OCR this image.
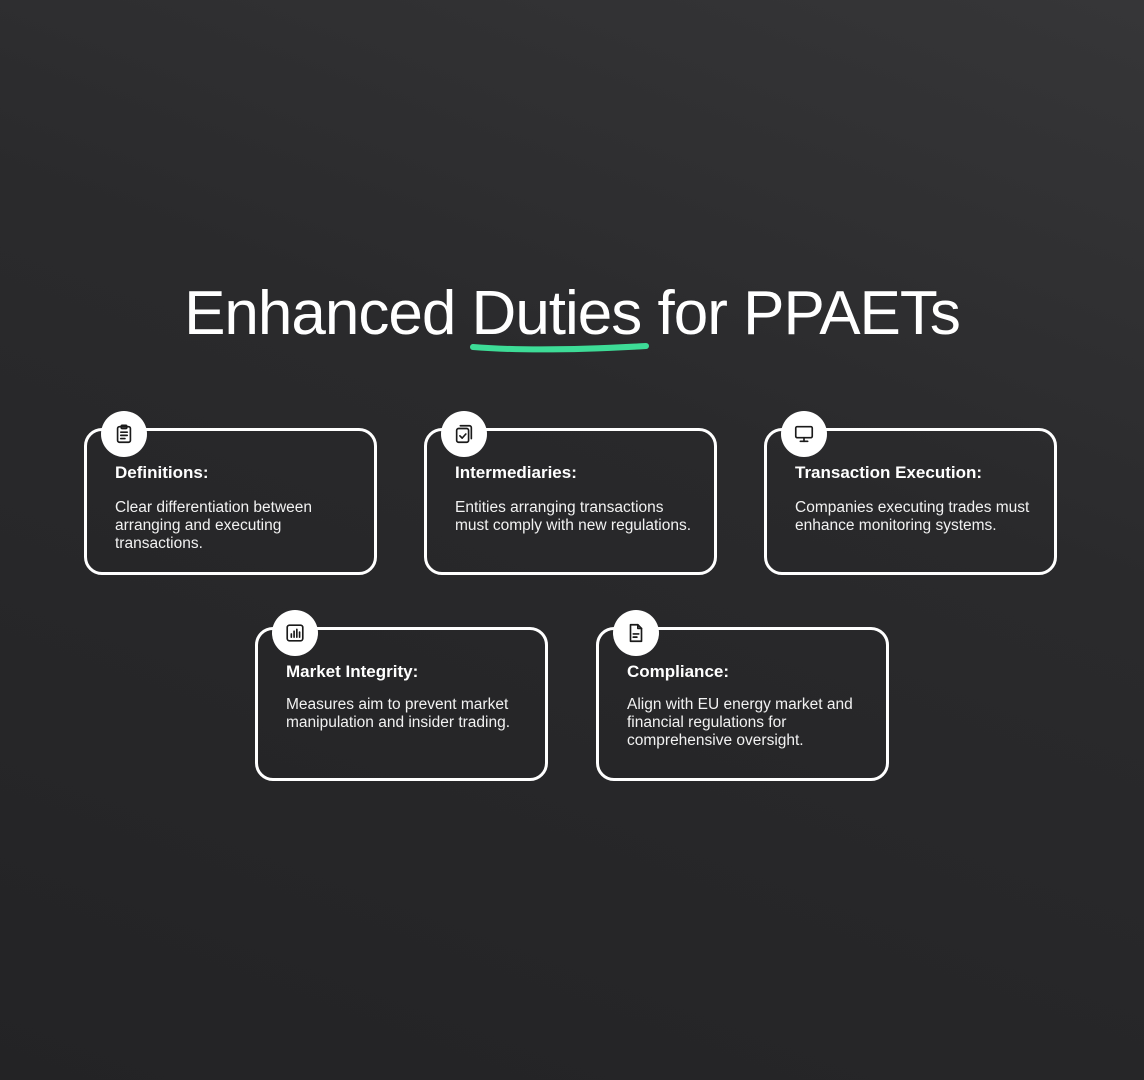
Enhanced Duties
for PPAETs
Definitions:
Clear differentiation between arranging and executing transactions.
Intermediaries:
Entities arranging transactions must comply with new regulations.
Transaction Execution:
Companies executing trades must enhance monitoring systems.
Market Integrity:
Measures aim to prevent market manipulation and insider trading.
Compliance:
Align with EU energy market and financial regulations for comprehensive oversight.
